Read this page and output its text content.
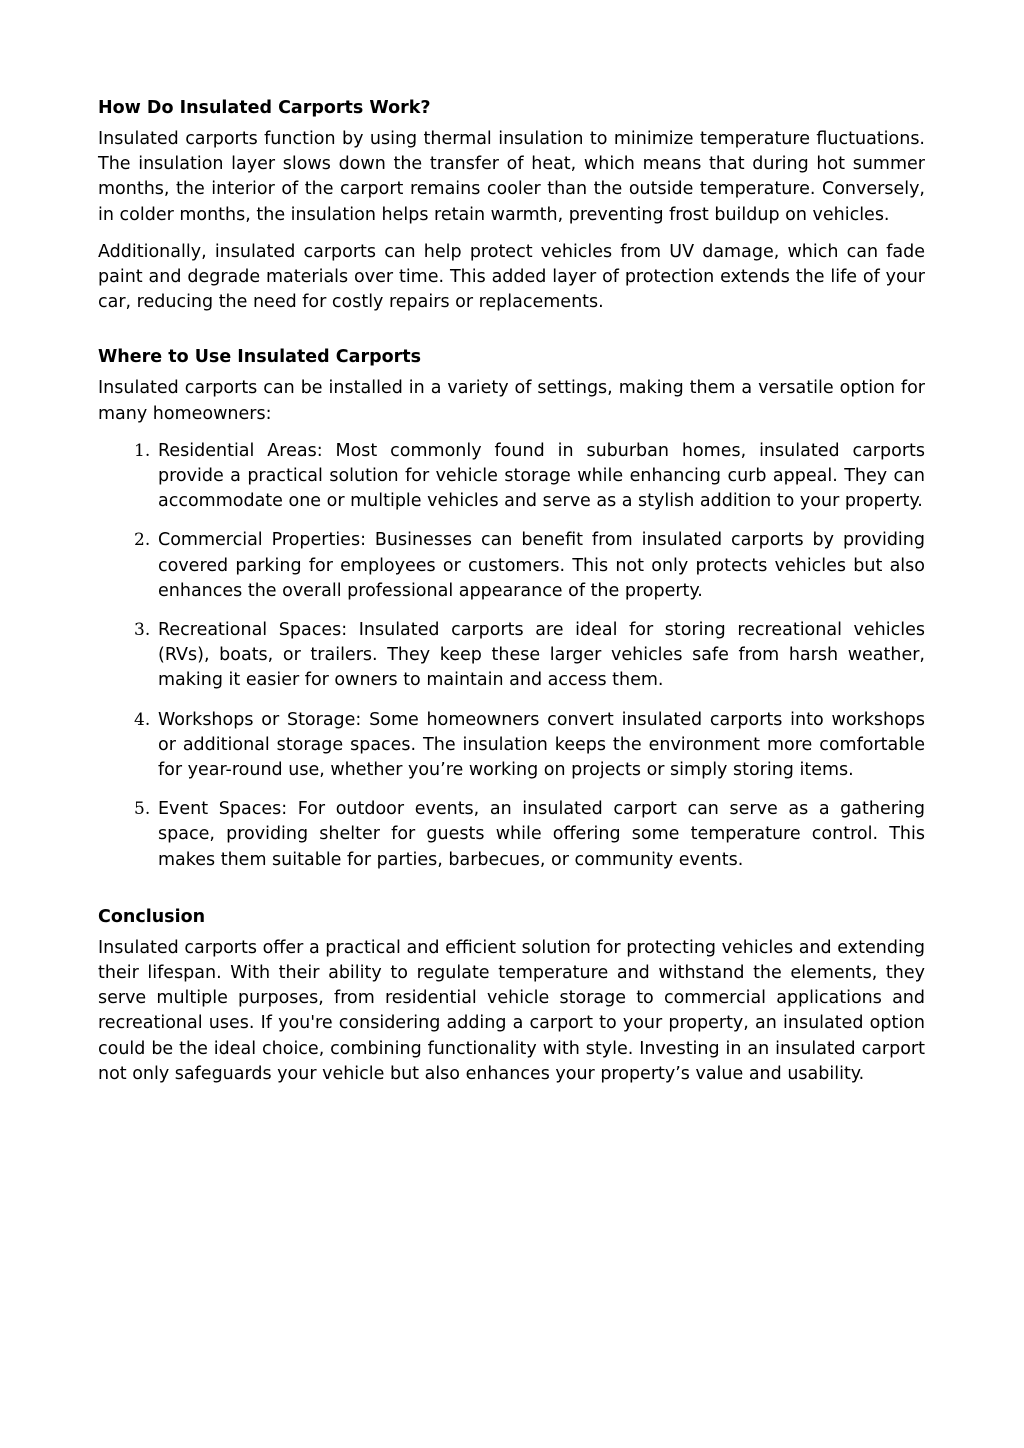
How Do Insulated Carports Work?

Insulated carports function by using thermal insulation to minimize temperature fluctuations. The insulation layer slows down the transfer of heat, which means that during hot summer months, the interior of the carport remains cooler than the outside temperature. Conversely, in colder months, the insulation helps retain warmth, preventing frost buildup on vehicles.

Additionally, insulated carports can help protect vehicles from UV damage, which can fade paint and degrade materials over time. This added layer of protection extends the life of your car, reducing the need for costly repairs or replacements.

Where to Use Insulated Carports

Insulated carports can be installed in a variety of settings, making them a versatile option for many homeowners:

1. Residential Areas: Most commonly found in suburban homes, insulated carports provide a practical solution for vehicle storage while enhancing curb appeal. They can accommodate one or multiple vehicles and serve as a stylish addition to your property.
2. Commercial Properties: Businesses can benefit from insulated carports by providing covered parking for employees or customers. This not only protects vehicles but also enhances the overall professional appearance of the property.
3. Recreational Spaces: Insulated carports are ideal for storing recreational vehicles (RVs), boats, or trailers. They keep these larger vehicles safe from harsh weather, making it easier for owners to maintain and access them.
4. Workshops or Storage: Some homeowners convert insulated carports into workshops or additional storage spaces. The insulation keeps the environment more comfortable for year-round use, whether you’re working on projects or simply storing items.
5. Event Spaces: For outdoor events, an insulated carport can serve as a gathering space, providing shelter for guests while offering some temperature control. This makes them suitable for parties, barbecues, or community events.
Conclusion

Insulated carports offer a practical and efficient solution for protecting vehicles and extending their lifespan. With their ability to regulate temperature and withstand the elements, they serve multiple purposes, from residential vehicle storage to commercial applications and recreational uses. If you're considering adding a carport to your property, an insulated option could be the ideal choice, combining functionality with style. Investing in an insulated carport not only safeguards your vehicle but also enhances your property’s value and usability.
